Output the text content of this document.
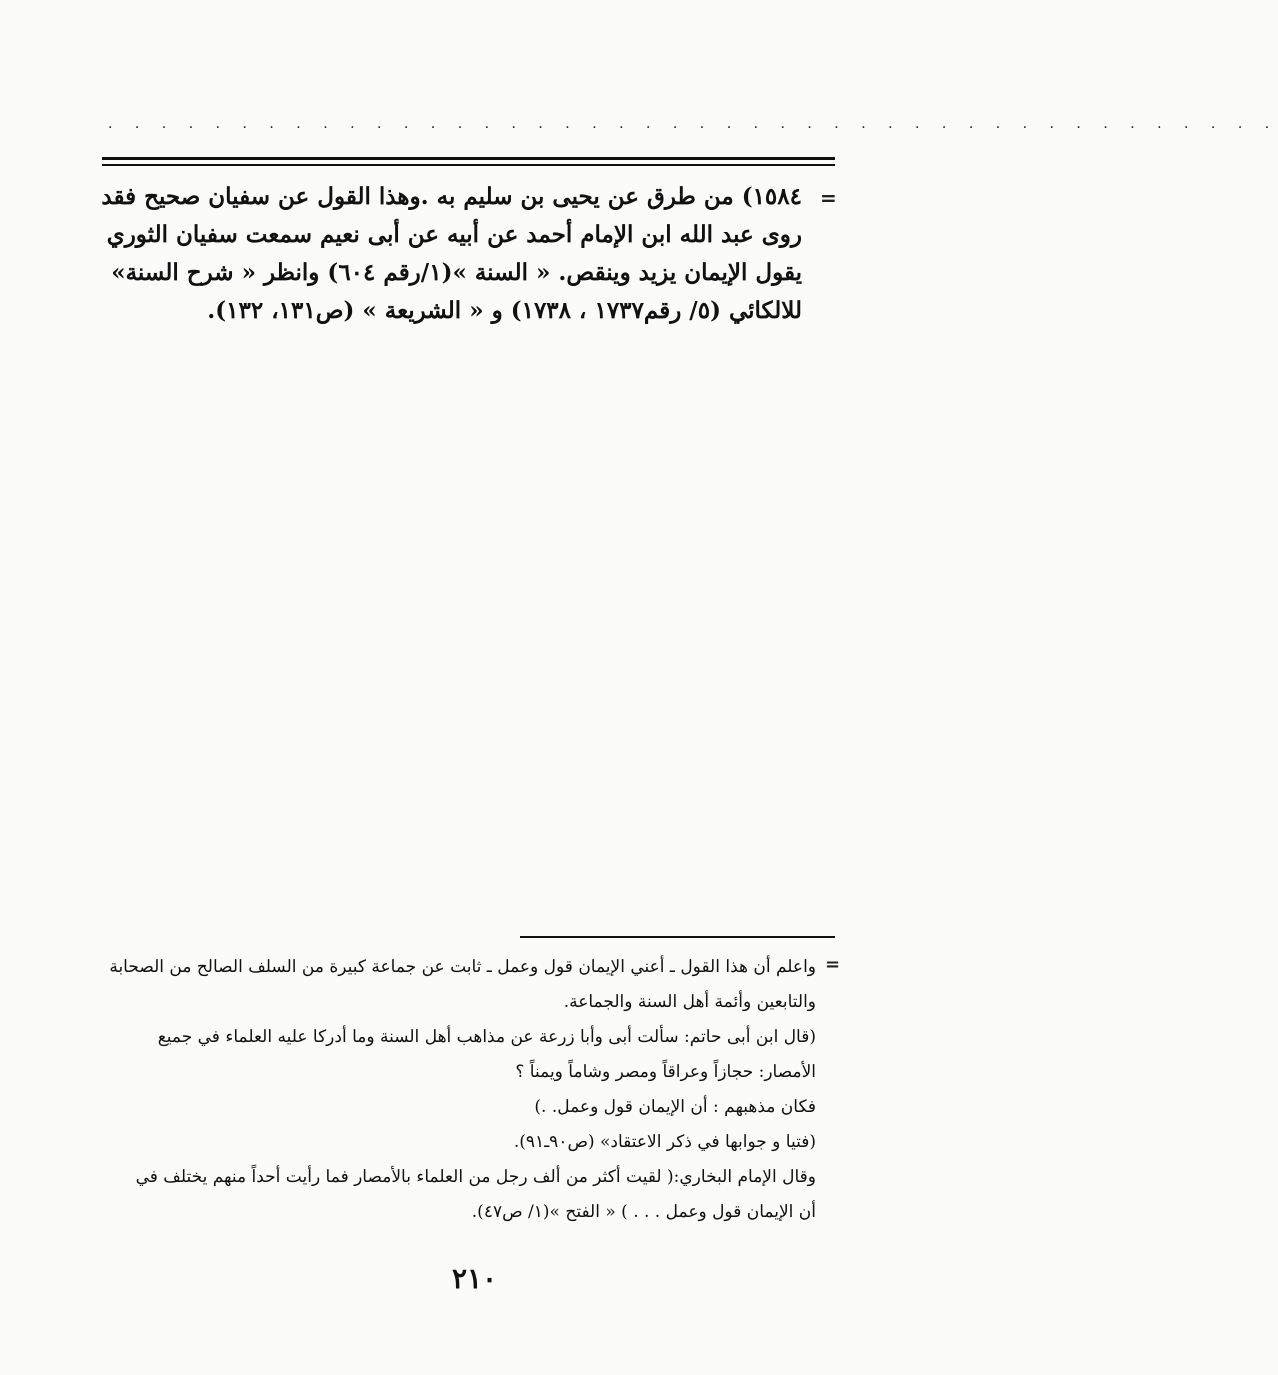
· · · · · · · · · · · · · · · · · · · · · · · · · · · · · · · · · · · · · · · · · · · ·
=
١٥٨٤) من طرق عن يحيى بن سليم به .وهذا القول عن سفيان صحيح فقد
روى عبد الله ابن الإمام أحمد عن أبيه عن أبى نعيم سمعت سفيان الثوري
يقول الإيمان يزيد وينقص. « السنة »(١/رقم ٦٠٤) وانظر « شرح السنة»
للالكائي (٥/ رقم١٧٣٧ ، ١٧٣٨) و « الشريعة » (ص١٣١، ١٣٢).
=
واعلم أن هذا القول ـ أعني الإيمان قول وعمل ـ ثابت عن جماعة كبيرة من السلف الصالح من الصحابة
والتابعين وأئمة أهل السنة والجماعة.
(قال ابن أبى حاتم: سألت أبى وأبا زرعة عن مذاهب أهل السنة وما أدركا عليه العلماء في جميع
الأمصار: حجازاً وعراقاً ومصر وشاماً ويمناً ؟
فكان مذهبهم : أن الإيمان قول وعمل. .)
(فتيا و جوابها في ذكر الاعتقاد» (ص٩٠ـ٩١).
وقال الإمام البخاري:( لقيت أكثر من ألف رجل من العلماء بالأمصار فما رأيت أحداً منهم يختلف في
أن الإيمان قول وعمل . . . ) « الفتح »(١/ ص٤٧).
٢١٠
